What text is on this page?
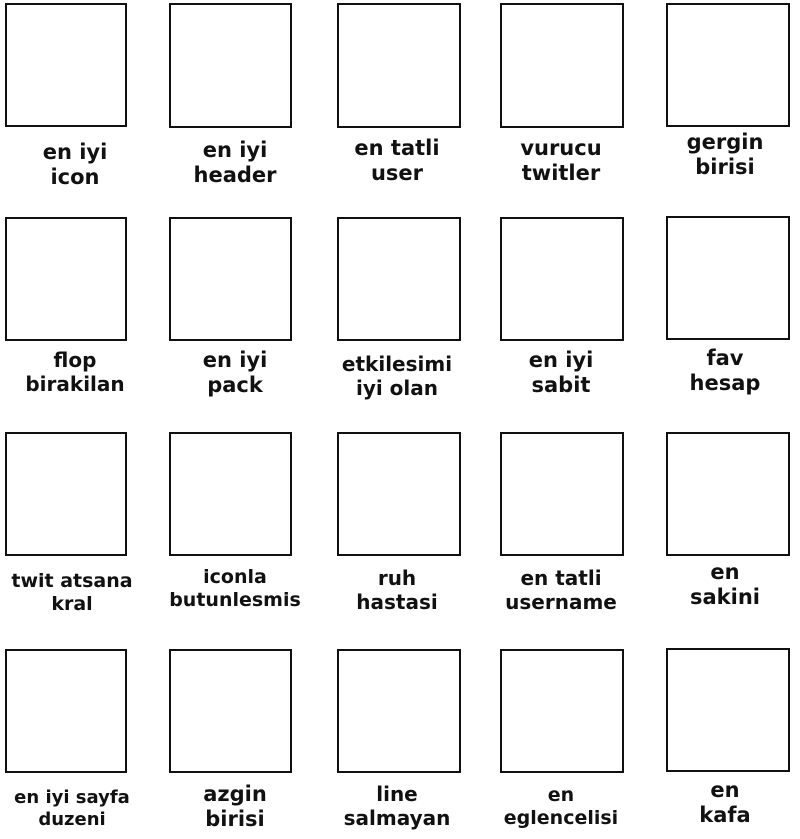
en iyi
icon
en iyi
header
en tatli
user
vurucu
twitler
gergin
birisi
flop
birakilan
en iyi
pack
etkilesimi
iyi olan
en iyi
sabit
fav
hesap
twit atsana
kral
iconla
butunlesmis
ruh
hastasi
en tatli
username
en
sakini
en iyi sayfa
duzeni
azgin
birisi
line
salmayan
en
eglencelisi
en
kafa
